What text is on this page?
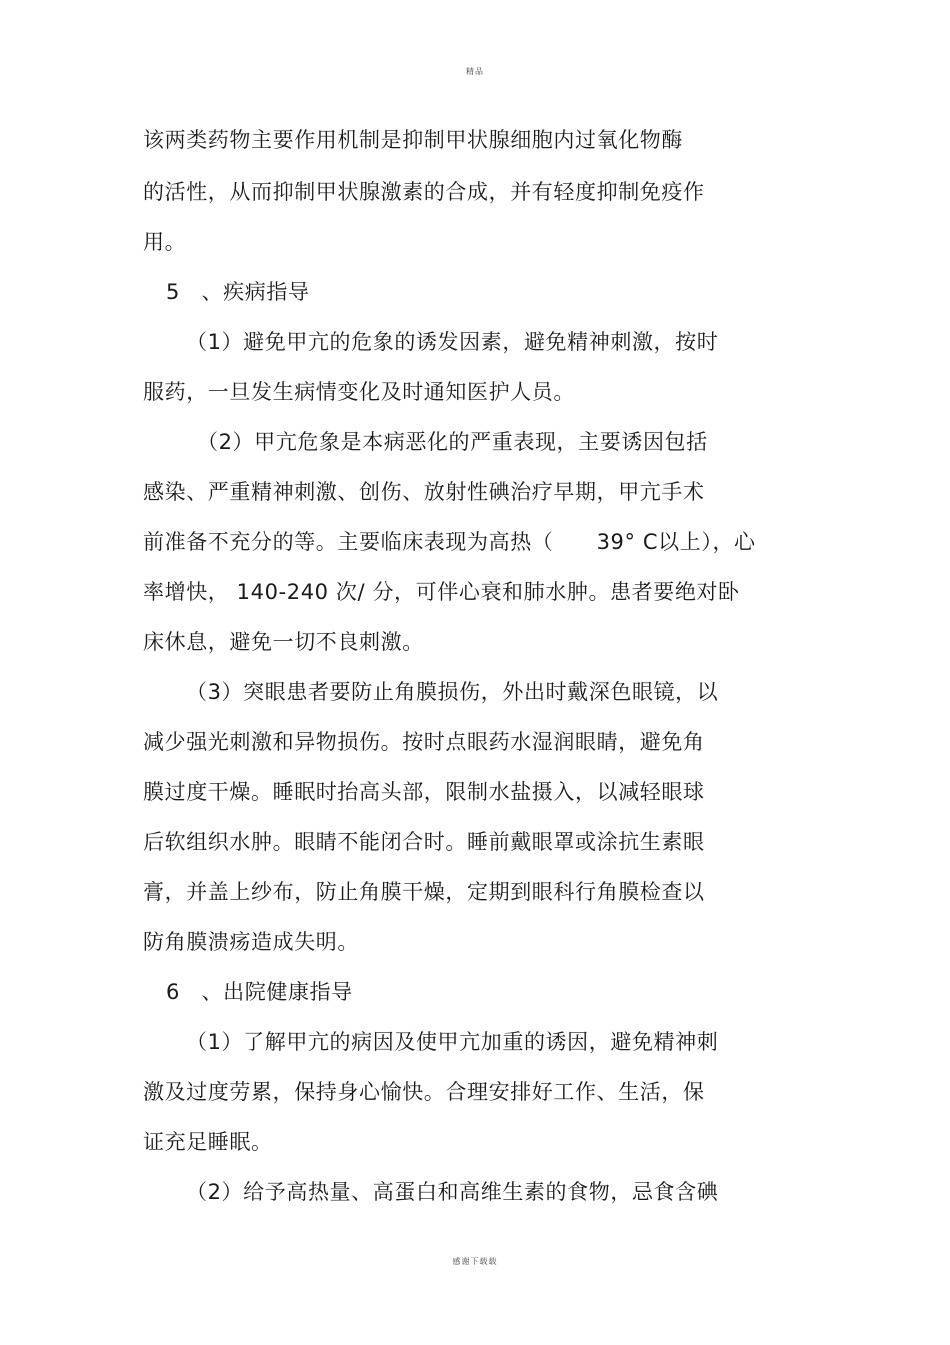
精品
该两类药物主要作用机制是抑制甲状腺细胞内过氧化物酶
的活性，从而抑制甲状腺激素的合成，并有轻度抑制免疫作
用。
5　、疾病指导
（1）避免甲亢的危象的诱发因素，避免精神刺激，按时
服药，一旦发生病情变化及时通知医护人员。
（2）甲亢危象是本病恶化的严重表现，主要诱因包括
感染、严重精神刺激、创伤、放射性碘治疗早期，甲亢手术
前准备不充分的等。主要临床表现为高热（　　39° C以上），心
率增快， 140-240 次/ 分，可伴心衰和肺水肿。患者要绝对卧
床休息，避免一切不良刺激。
（3）突眼患者要防止角膜损伤，外出时戴深色眼镜，以
减少强光刺激和异物损伤。按时点眼药水湿润眼睛，避免角
膜过度干燥。睡眠时抬高头部，限制水盐摄入，以减轻眼球
后软组织水肿。眼睛不能闭合时。睡前戴眼罩或涂抗生素眼
膏，并盖上纱布，防止角膜干燥，定期到眼科行角膜检查以
防角膜溃疡造成失明。
6　、出院健康指导
（1）了解甲亢的病因及使甲亢加重的诱因，避免精神刺
激及过度劳累，保持身心愉快。合理安排好工作、生活，保
证充足睡眠。
（2）给予高热量、高蛋白和高维生素的食物，忌食含碘
感谢下载载
